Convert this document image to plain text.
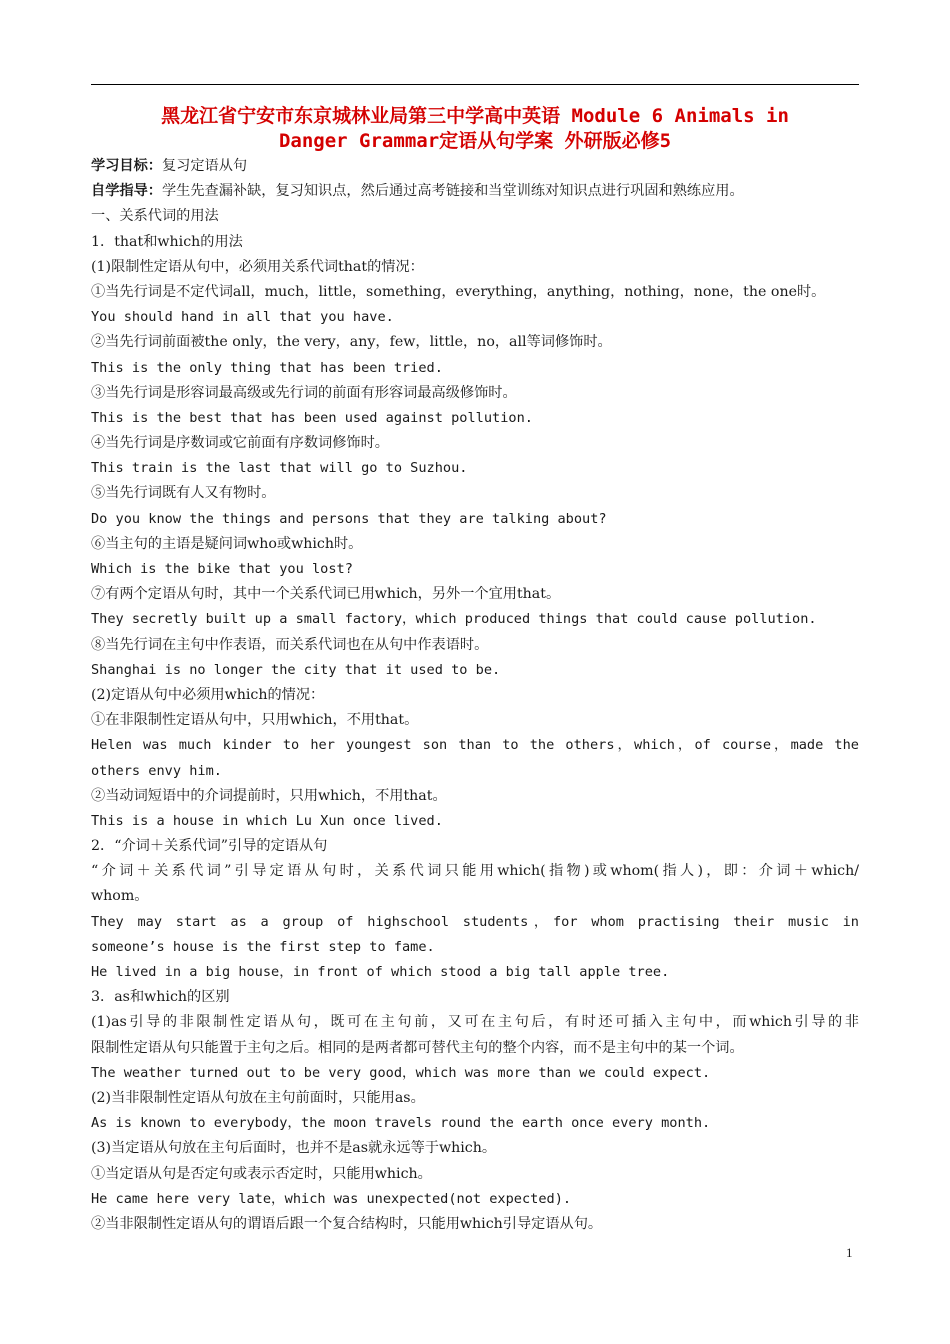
黑龙江省宁安市东京城林业局第三中学高中英语 Module 6 Animals in
Danger Grammar定语从句学案 外研版必修5
学习目标：复习定语从句
自学指导：学生先查漏补缺，复习知识点，然后通过高考链接和当堂训练对知识点进行巩固和熟练应用。
一、关系代词的用法
1．that和which的用法
(1)限制性定语从句中，必须用关系代词that的情况：
①当先行词是不定代词all，much，little，something，everything，anything，nothing，none，the one时。
You should hand in all that you have.
②当先行词前面被the only，the very，any，few，little，no，all等词修饰时。
This is the only thing that has been tried.
③当先行词是形容词最高级或先行词的前面有形容词最高级修饰时。
This is the best that has been used against pollution.
④当先行词是序数词或它前面有序数词修饰时。
This train is the last that will go to Suzhou.
⑤当先行词既有人又有物时。
Do you know the things and persons that they are talking about?
⑥当主句的主语是疑问词who或which时。
Which is the bike that you lost?
⑦有两个定语从句时，其中一个关系代词已用which，另外一个宜用that。
They secretly built up a small factory，which produced things that could cause pollution.
⑧当先行词在主句中作表语，而关系代词也在从句中作表语时。
Shanghai is no longer the city that it used to be.
(2)定语从句中必须用which的情况：
①在非限制性定语从句中，只用which，不用that。
Helen was much kinder to her youngest son than to the others，which，of course，made the
others envy him.
②当动词短语中的介词提前时，只用which，不用that。
This is a house in which Lu Xun once lived.
2．“介词＋关系代词”引导的定语从句
“介词＋关系代词”引导定语从句时，关系代词只能用which(指物)或whom(指人)，即：介词＋which/
whom。
They may start as a group of highschool students，for whom practising their music in
someone’s house is the first step to fame.
He lived in a big house，in front of which stood a big tall apple tree.
3．as和which的区别
(1)as引导的非限制性定语从句，既可在主句前，又可在主句后，有时还可插入主句中，而which引导的非
限制性定语从句只能置于主句之后。相同的是两者都可替代主句的整个内容，而不是主句中的某一个词。
The weather turned out to be very good，which was more than we could expect.
(2)当非限制性定语从句放在主句前面时，只能用as。
As is known to everybody，the moon travels round the earth once every month.
(3)当定语从句放在主句后面时，也并不是as就永远等于which。
①当定语从句是否定句或表示否定时，只能用which。
He came here very late，which was unexpected(not expected).
②当非限制性定语从句的谓语后跟一个复合结构时，只能用which引导定语从句。
1
